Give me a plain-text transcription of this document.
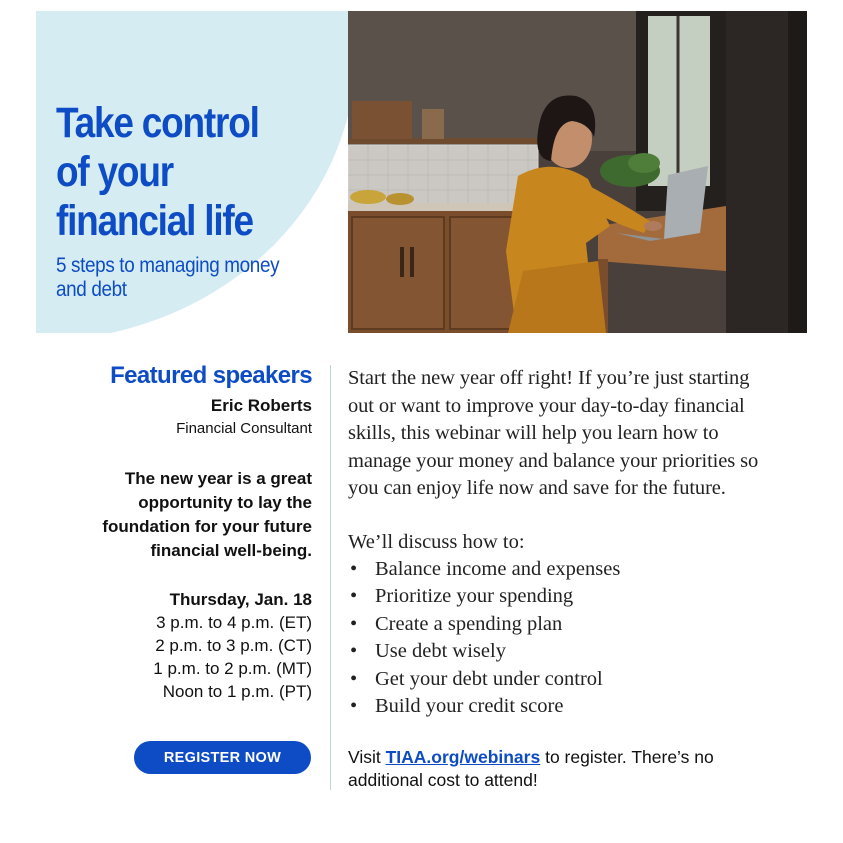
Take control
of your
financial life

5 steps to managing money
and debt

Featured speakers

Eric Roberts

Financial Consultant

The new year is a great
opportunity to lay the
foundation for your future
financial well-being.

Thursday, Jan. 18

3 p.m. to 4 p.m. (ET)
2 p.m. to 3 p.m. (CT)
1 p.m. to 2 p.m. (MT)
Noon to 1 p.m. (PT)
REGISTER NOW

Start the new year off right! If you’re just starting
out or want to improve your day-to-day financial
skills, this webinar will help you learn how to
manage your money and balance your priorities so
you can enjoy life now and save for the future.

We’ll discuss how to:

• Balance income and expenses
• Prioritize your spending
• Create a spending plan
• Use debt wisely
• Get your debt under control
• Build your credit score

Visit TIAA.org/webinars to register. There’s no
additional cost to attend!
